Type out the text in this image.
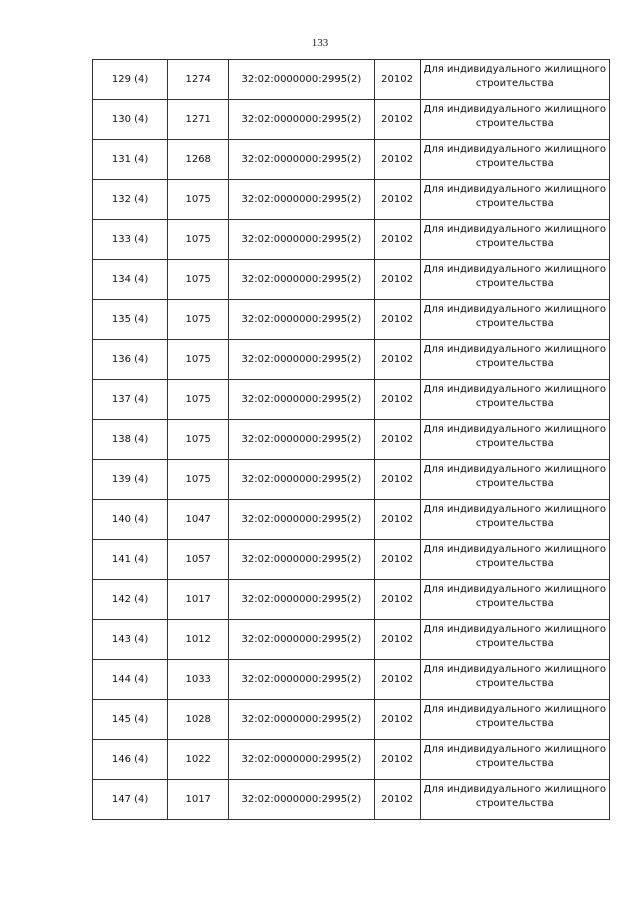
133
129 (4)	1274	32:02:0000000:2995(2)	20102	Для индивидуального жилищного строительства
130 (4)	1271	32:02:0000000:2995(2)	20102	Для индивидуального жилищного строительства
131 (4)	1268	32:02:0000000:2995(2)	20102	Для индивидуального жилищного строительства
132 (4)	1075	32:02:0000000:2995(2)	20102	Для индивидуального жилищного строительства
133 (4)	1075	32:02:0000000:2995(2)	20102	Для индивидуального жилищного строительства
134 (4)	1075	32:02:0000000:2995(2)	20102	Для индивидуального жилищного строительства
135 (4)	1075	32:02:0000000:2995(2)	20102	Для индивидуального жилищного строительства
136 (4)	1075	32:02:0000000:2995(2)	20102	Для индивидуального жилищного строительства
137 (4)	1075	32:02:0000000:2995(2)	20102	Для индивидуального жилищного строительства
138 (4)	1075	32:02:0000000:2995(2)	20102	Для индивидуального жилищного строительства
139 (4)	1075	32:02:0000000:2995(2)	20102	Для индивидуального жилищного строительства
140 (4)	1047	32:02:0000000:2995(2)	20102	Для индивидуального жилищного строительства
141 (4)	1057	32:02:0000000:2995(2)	20102	Для индивидуального жилищного строительства
142 (4)	1017	32:02:0000000:2995(2)	20102	Для индивидуального жилищного строительства
143 (4)	1012	32:02:0000000:2995(2)	20102	Для индивидуального жилищного строительства
144 (4)	1033	32:02:0000000:2995(2)	20102	Для индивидуального жилищного строительства
145 (4)	1028	32:02:0000000:2995(2)	20102	Для индивидуального жилищного строительства
146 (4)	1022	32:02:0000000:2995(2)	20102	Для индивидуального жилищного строительства
147 (4)	1017	32:02:0000000:2995(2)	20102	Для индивидуального жилищного строительства
